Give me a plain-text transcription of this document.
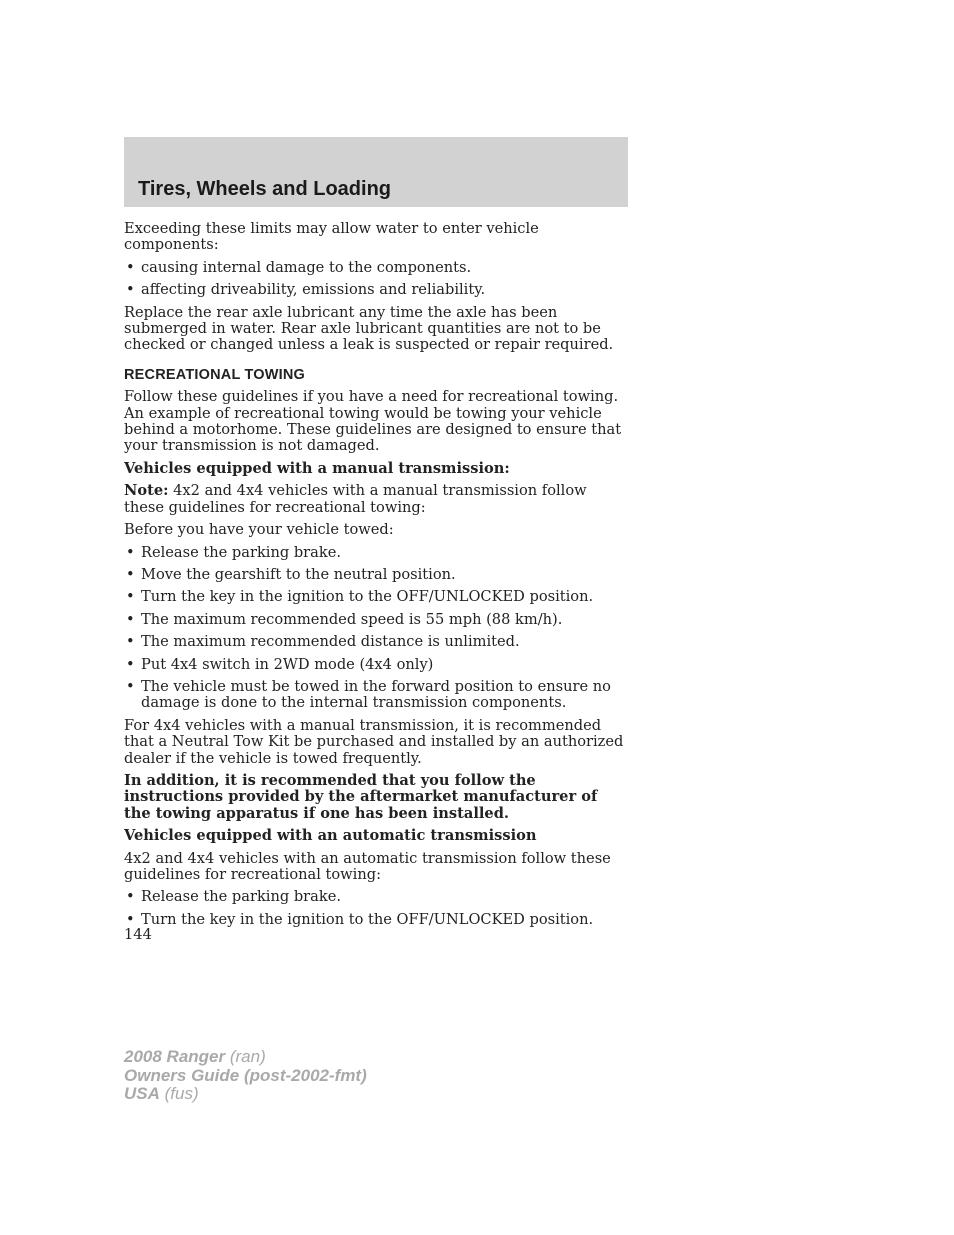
Tires, Wheels and Loading

Exceeding these limits may allow water to enter vehicle components:

• causing internal damage to the components.
• affecting driveability, emissions and reliability.

Replace the rear axle lubricant any time the axle has been submerged in water. Rear axle lubricant quantities are not to be checked or changed unless a leak is suspected or repair required.

RECREATIONAL TOWING

Follow these guidelines if you have a need for recreational towing. An example of recreational towing would be towing your vehicle behind a motorhome. These guidelines are designed to ensure that your transmission is not damaged.

Vehicles equipped with a manual transmission:

Note: 4x2 and 4x4 vehicles with a manual transmission follow these guidelines for recreational towing:

Before you have your vehicle towed:

• Release the parking brake.
• Move the gearshift to the neutral position.
• Turn the key in the ignition to the OFF/UNLOCKED position.
• The maximum recommended speed is 55 mph (88 km/h).
• The maximum recommended distance is unlimited.
• Put 4x4 switch in 2WD mode (4x4 only)
• The vehicle must be towed in the forward position to ensure no damage is done to the internal transmission components.

For 4x4 vehicles with a manual transmission, it is recommended that a Neutral Tow Kit be purchased and installed by an authorized dealer if the vehicle is towed frequently.

In addition, it is recommended that you follow the instructions provided by the aftermarket manufacturer of the towing apparatus if one has been installed.

Vehicles equipped with an automatic transmission

4x2 and 4x4 vehicles with an automatic transmission follow these guidelines for recreational towing:

• Release the parking brake.
• Turn the key in the ignition to the OFF/UNLOCKED position.
144
2008 Ranger (ran)
Owners Guide (post-2002-fmt)
USA (fus)
